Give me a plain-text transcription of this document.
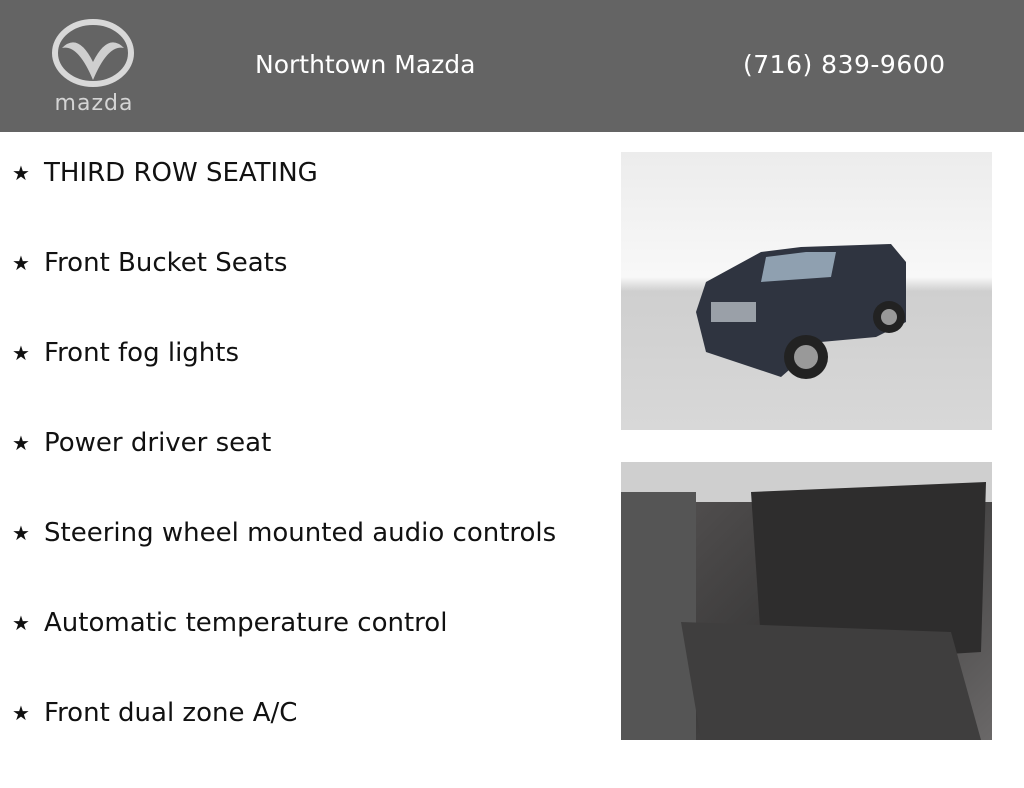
mazda
Northtown Mazda	(716) 839-9600
★ THIRD ROW SEATING
★ Front Bucket Seats
★ Front fog lights
★ Power driver seat
★ Steering wheel mounted audio controls
★ Automatic temperature control
★ Front dual zone A/C
